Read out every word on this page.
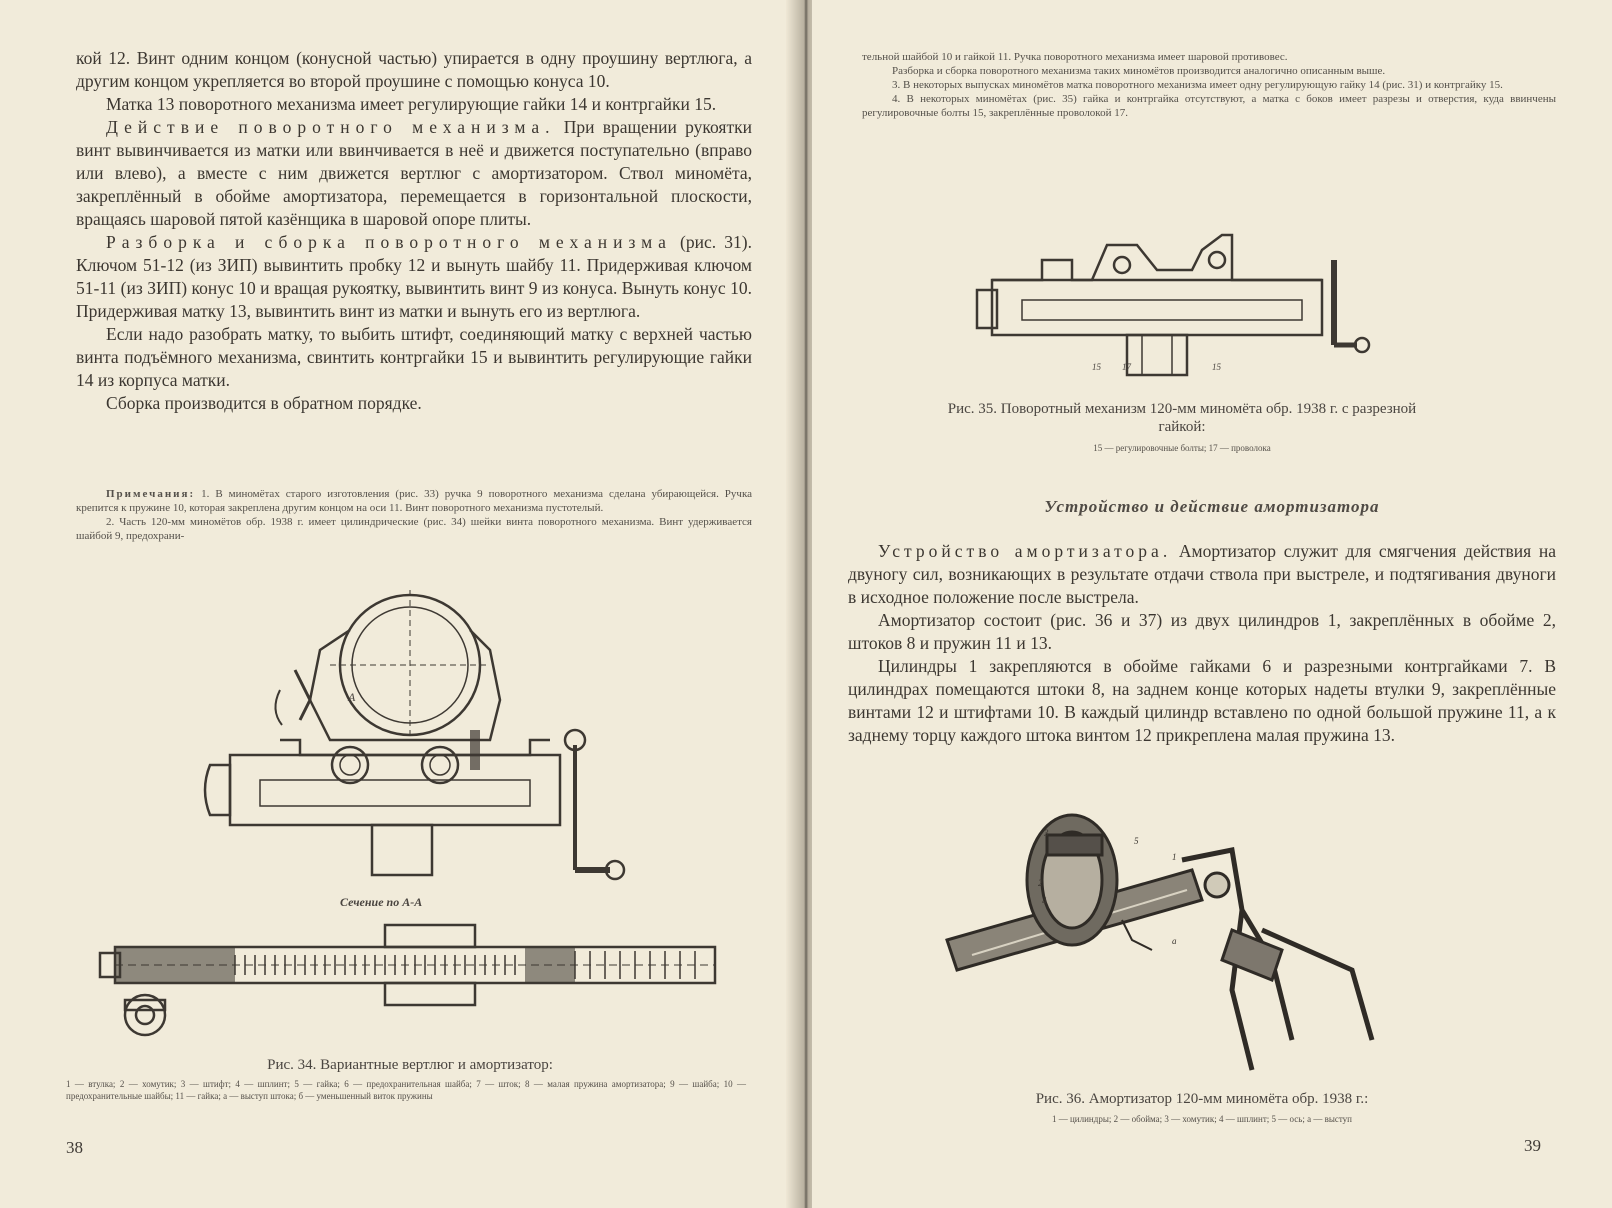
кой 12. Винт одним концом (конусной частью) упирается в одну проушину вертлюга, а другим концом укрепляется во второй проушине с помощью конуса 10.

Матка 13 поворотного механизма имеет регулирующие гайки 14 и контргайки 15.

Действие поворотного механизма. При вращении рукоятки винт вывинчивается из матки или ввинчивается в неё и движется поступательно (вправо или влево), а вместе с ним движется вертлюг с амортизатором. Ствол миномёта, закреплённый в обойме амортизатора, перемещается в горизонтальной плоскости, вращаясь шаровой пятой казёнщика в шаровой опоре плиты.

Разборка и сборка поворотного механизма (рис. 31). Ключом 51-12 (из ЗИП) вывинтить пробку 12 и вынуть шайбу 11. Придерживая ключом 51-11 (из ЗИП) конус 10 и вращая рукоятку, вывинтить винт 9 из конуса. Вынуть конус 10. Придерживая матку 13, вывинтить винт из матки и вынуть его из вертлюга.

Если надо разобрать матку, то выбить штифт, соединяющий матку с верхней частью винта подъёмного механизма, свинтить контргайки 15 и вывинтить регулирующие гайки 14 из корпуса матки.

Сборка производится в обратном порядке.

Примечания: 1. В миномётах старого изготовления (рис. 33) ручка 9 поворотного механизма сделана убирающейся. Ручка крепится к пружине 10, которая закреплена другим концом на оси 11. Винт поворотного механизма пустотелый.

2. Часть 120-мм миномётов обр. 1938 г. имеет цилиндрические (рис. 34) шейки винта поворотного механизма. Винт удерживается шайбой 9, предохрани-

Сечение по А-А
А
Рис. 34. Вариантные вертлюг и амортизатор:
1 — втулка; 2 — хомутик; 3 — штифт; 4 — шплинт; 5 — гайка; 6 — предохранительная шайба; 7 — шток; 8 — малая пружина амортизатора; 9 — шайба; 10 — предохранительные шайбы; 11 — гайка; а — выступ штока; б — уменьшенный виток пружины
38

тельной шайбой 10 и гайкой 11. Ручка поворотного механизма имеет шаровой противовес.

Разборка и сборка поворотного механизма таких миномётов производится аналогично описанным выше.

3. В некоторых выпусках миномётов матка поворотного механизма имеет одну регулирующую гайку 14 (рис. 31) и контргайку 15.

4. В некоторых миномётах (рис. 35) гайка и контргайка отсутствуют, а матка с боков имеет разрезы и отверстия, куда ввинчены регулировочные болты 15, закреплённые проволокой 17.

15 17	15
Рис. 35. Поворотный механизм 120-мм миномёта обр. 1938 г. с разрезной гайкой:
15 — регулировочные болты; 17 — проволока
Устройство и действие амортизатора

Устройство амортизатора. Амортизатор служит для смягчения действия на двуногу сил, возникающих в результате отдачи ствола при выстреле, и подтягивания двуноги в исходное положение после выстрела.

Амортизатор состоит (рис. 36 и 37) из двух цилиндров 1, закреплённых в обойме 2, штоков 8 и пружин 11 и 13.

Цилиндры 1 закрепляются в обойме гайками 6 и разрезными контргайками 7. В цилиндрах помещаются штоки 8, на заднем конце которых надеты втулки 9, закреплённые винтами 12 и штифтами 10. В каждый цилиндр вставлено по одной большой пружине 11, а к заднему торцу каждого штока винтом 12 прикреплена малая пружина 13.

3
5
1
2
4
а
Рис. 36. Амортизатор 120-мм миномёта обр. 1938 г.:
1 — цилиндры; 2 — обойма; 3 — хомутик; 4 — шплинт; 5 — ось; а — выступ
39
